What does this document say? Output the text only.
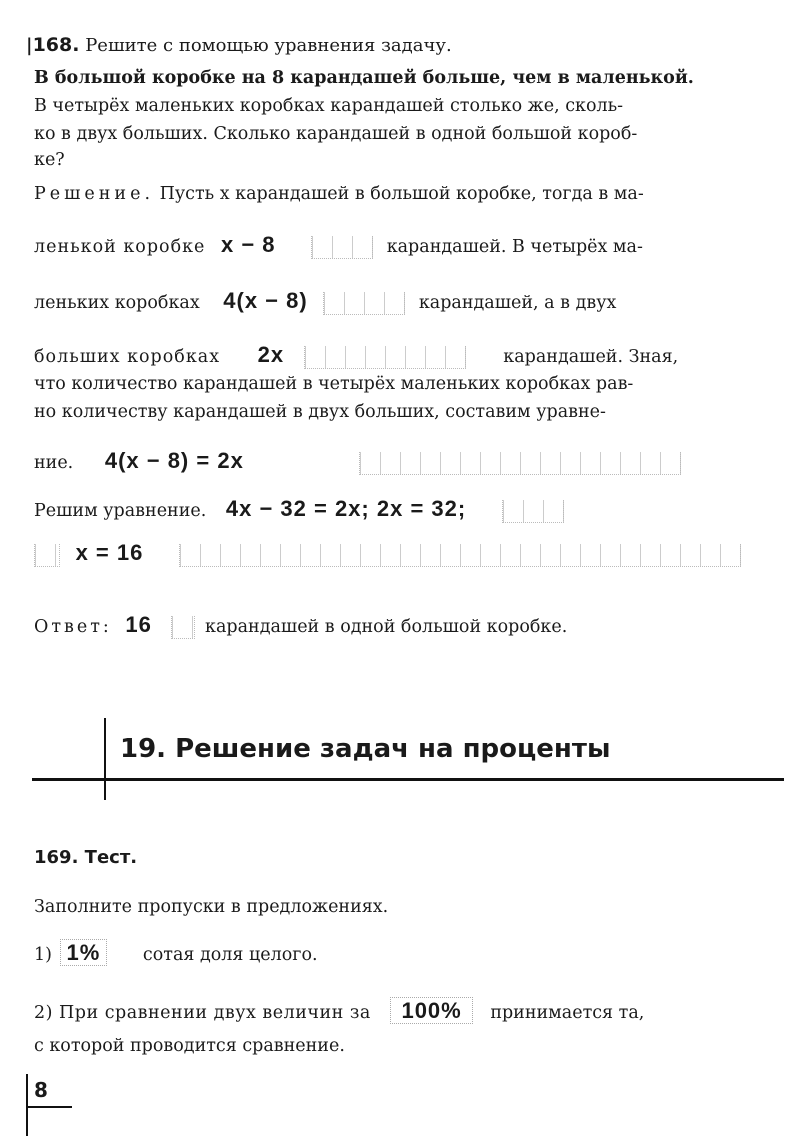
|168. Решите с помощью уравнения задачу.
В большой коробке на 8 карандашей больше, чем в маленькой.
В четырёх маленьких коробках карандашей столько же, сколь-
ко в двух больших. Сколько карандашей в одной большой короб-
ке?
Решение. Пусть x карандашей в большой коробке, тогда в ма-
ленькой коробке x − 8	карандашей. В четырёх ма-
леньких коробках 4(x − 8)	карандашей, а в двух
больших коробках 2x	карандашей. Зная,
что количество карандашей в четырёх маленьких коробках рав-
но количеству карандашей в двух больших, составим уравне-
ние. 4(x − 8) = 2x
Решим уравнение. 4x − 32 = 2x; 2x = 32;
x = 16
Ответ: 16	карандашей в одной большой коробке.
19. Решение задач на проценты
169. Тест.
Заполните пропуски в предложениях.
1) 1% сотая доля целого.
2) При сравнении двух величин за 100% принимается та,
с которой проводится сравнение.
8
